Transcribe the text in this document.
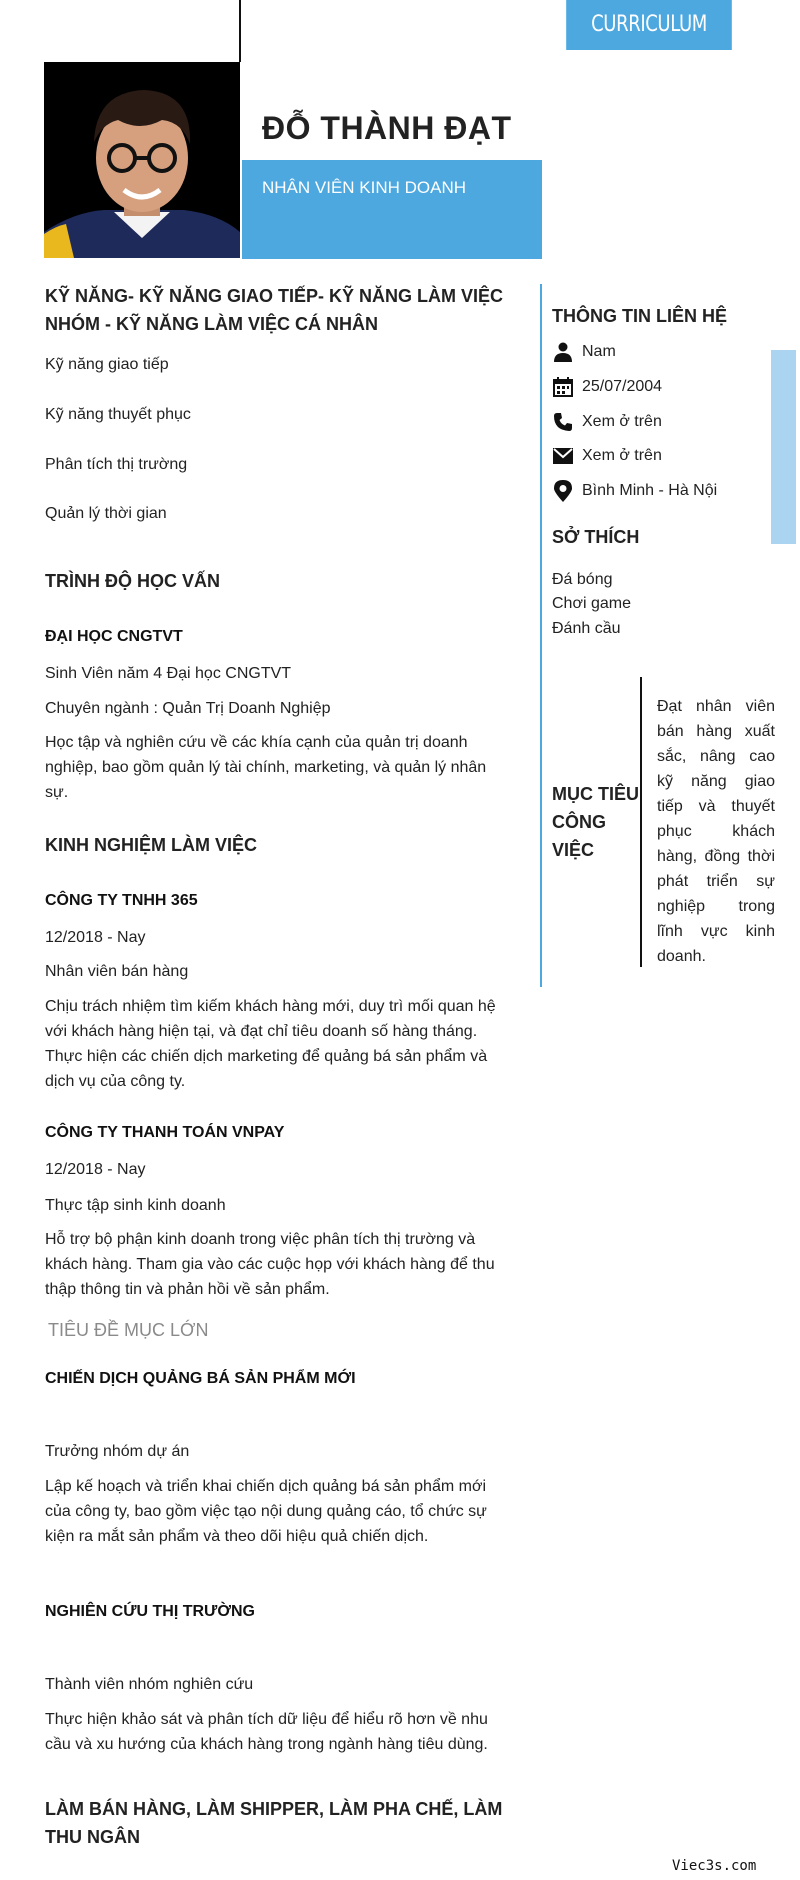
CURRICULUM VITAE
ĐỖ THÀNH ĐẠT
NHÂN VIÊN KINH DOANH
KỸ NĂNG- KỸ NĂNG GIAO TIẾP- KỸ NĂNG LÀM VIỆC NHÓM - KỸ NĂNG LÀM VIỆC CÁ NHÂN
Kỹ năng giao tiếp
Kỹ năng thuyết phục
Phân tích thị trường
Quản lý thời gian
TRÌNH ĐỘ HỌC VẤN
ĐẠI HỌC CNGTVT
Sinh Viên năm 4 Đại học CNGTVT
Chuyên ngành : Quản Trị Doanh Nghiệp
Học tập và nghiên cứu về các khía cạnh của quản trị doanh nghiệp, bao gồm quản lý tài chính, marketing, và quản lý nhân sự.
KINH NGHIỆM LÀM VIỆC
CÔNG TY TNHH 365
12/2018 - Nay
Nhân viên bán hàng
Chịu trách nhiệm tìm kiếm khách hàng mới, duy trì mối quan hệ với khách hàng hiện tại, và đạt chỉ tiêu doanh số hàng tháng. Thực hiện các chiến dịch marketing để quảng bá sản phẩm và dịch vụ của công ty.
CÔNG TY THANH TOÁN VNPAY
12/2018 - Nay
Thực tập sinh kinh doanh
Hỗ trợ bộ phận kinh doanh trong việc phân tích thị trường và khách hàng. Tham gia vào các cuộc họp với khách hàng để thu thập thông tin và phản hồi về sản phẩm.
TIÊU ĐỀ MỤC LỚN
CHIẾN DỊCH QUẢNG BÁ SẢN PHẨM MỚI
Trưởng nhóm dự án
Lập kế hoạch và triển khai chiến dịch quảng bá sản phẩm mới của công ty, bao gồm việc tạo nội dung quảng cáo, tổ chức sự kiện ra mắt sản phẩm và theo dõi hiệu quả chiến dịch.
NGHIÊN CỨU THỊ TRƯỜNG
Thành viên nhóm nghiên cứu
Thực hiện khảo sát và phân tích dữ liệu để hiểu rõ hơn về nhu cầu và xu hướng của khách hàng trong ngành hàng tiêu dùng.
LÀM BÁN HÀNG, LÀM SHIPPER, LÀM PHA CHẾ, LÀM THU NGÂN
THÔNG TIN LIÊN HỆ
Nam
25/07/2004
Xem ở trên
Xem ở trên
Bình Minh - Hà Nội
SỞ THÍCH
Đá bóng
Chơi game
Đánh cầu
MỤC TIÊU CÔNG VIỆC
Đạt nhân viên bán hàng xuất sắc, nâng cao kỹ năng giao tiếp và thuyết phục khách hàng, đồng thời phát triển sự nghiệp trong lĩnh vực kinh doanh.
Viec3s.com
